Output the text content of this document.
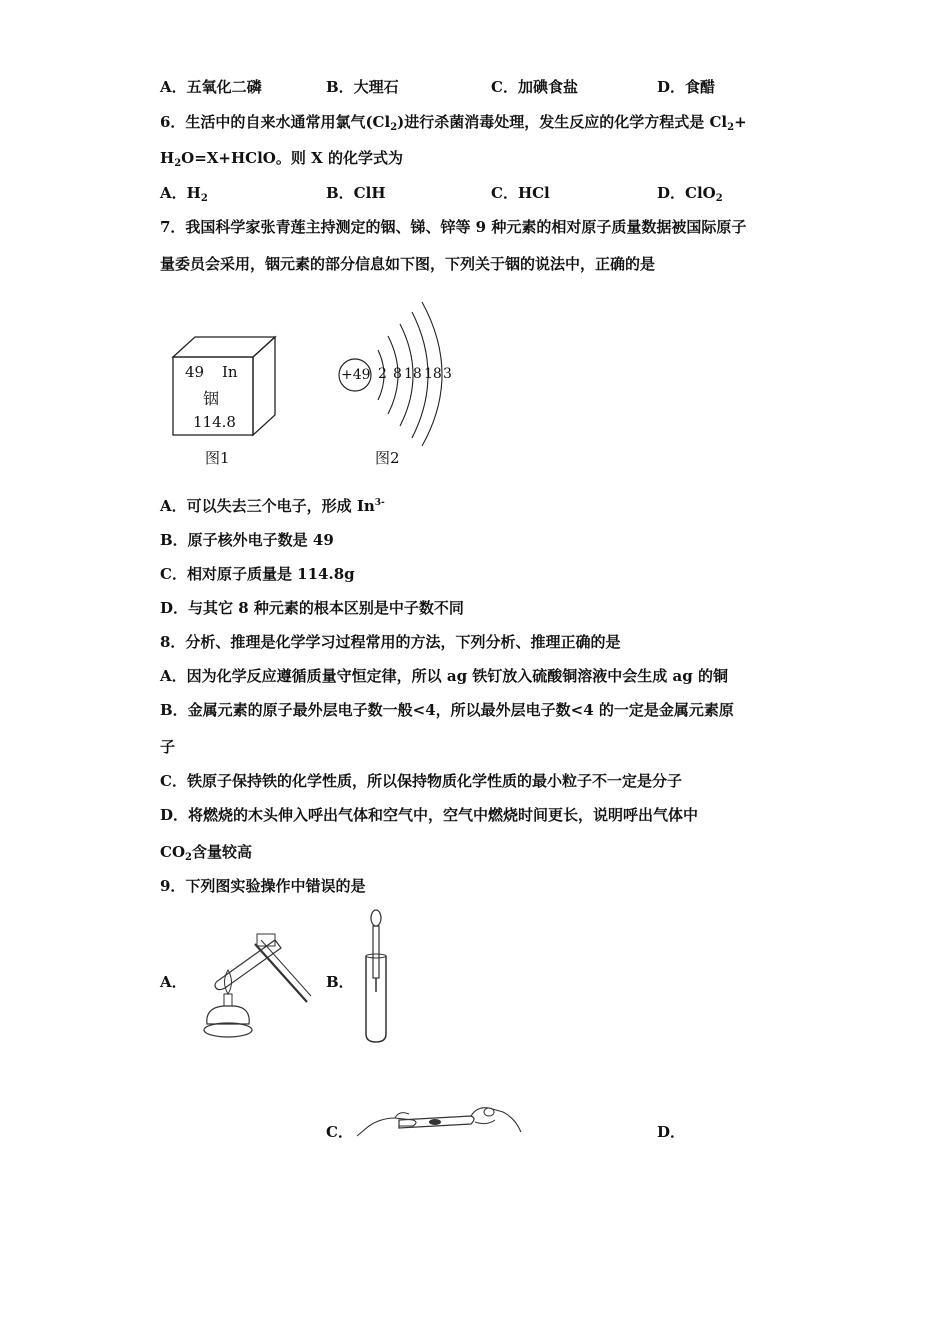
A．五氧化二磷	B．大理石	C．加碘食盐	D．食醋
6．生活中的自来水通常用氯气$(Cl_2)$进行杀菌消毒处理，发生反应的化学方程式是 $Cl_2+$
$H_2O=X+HClO$。则 X 的化学式为
A．$H_2$	B．ClH	C．HCl	D．ClO$_2$
7．我国科学家张青莲主持测定的铟、锑、锌等 9 种元素的相对原子质量数据被国际原子
量委员会采用，铟元素的部分信息如下图，下列关于铟的说法中，正确的是
49 In
铟
114.8
图1
+49 2 8 18 18 3
图2
A．可以失去三个电子，形成 $In^{3-}$
B．原子核外电子数是 49
C．相对原子质量是 114.8g
D．与其它 8 种元素的根本区别是中子数不同
8．分析、推理是化学学习过程常用的方法，下列分析、推理正确的是
A．因为化学反应遵循质量守恒定律，所以 ag 铁钉放入硫酸铜溶液中会生成 ag 的铜
B．金属元素的原子最外层电子数一般<4，所以最外层电子数<4 的一定是金属元素原
子
C．铁原子保持铁的化学性质，所以保持物质化学性质的最小粒子不一定是分子
D．将燃烧的木头伸入呼出气体和空气中，空气中燃烧时间更长，说明呼出气体中
$CO_2$含量较高
9．下列图实验操作中错误的是
A．	B．
C．	D．
